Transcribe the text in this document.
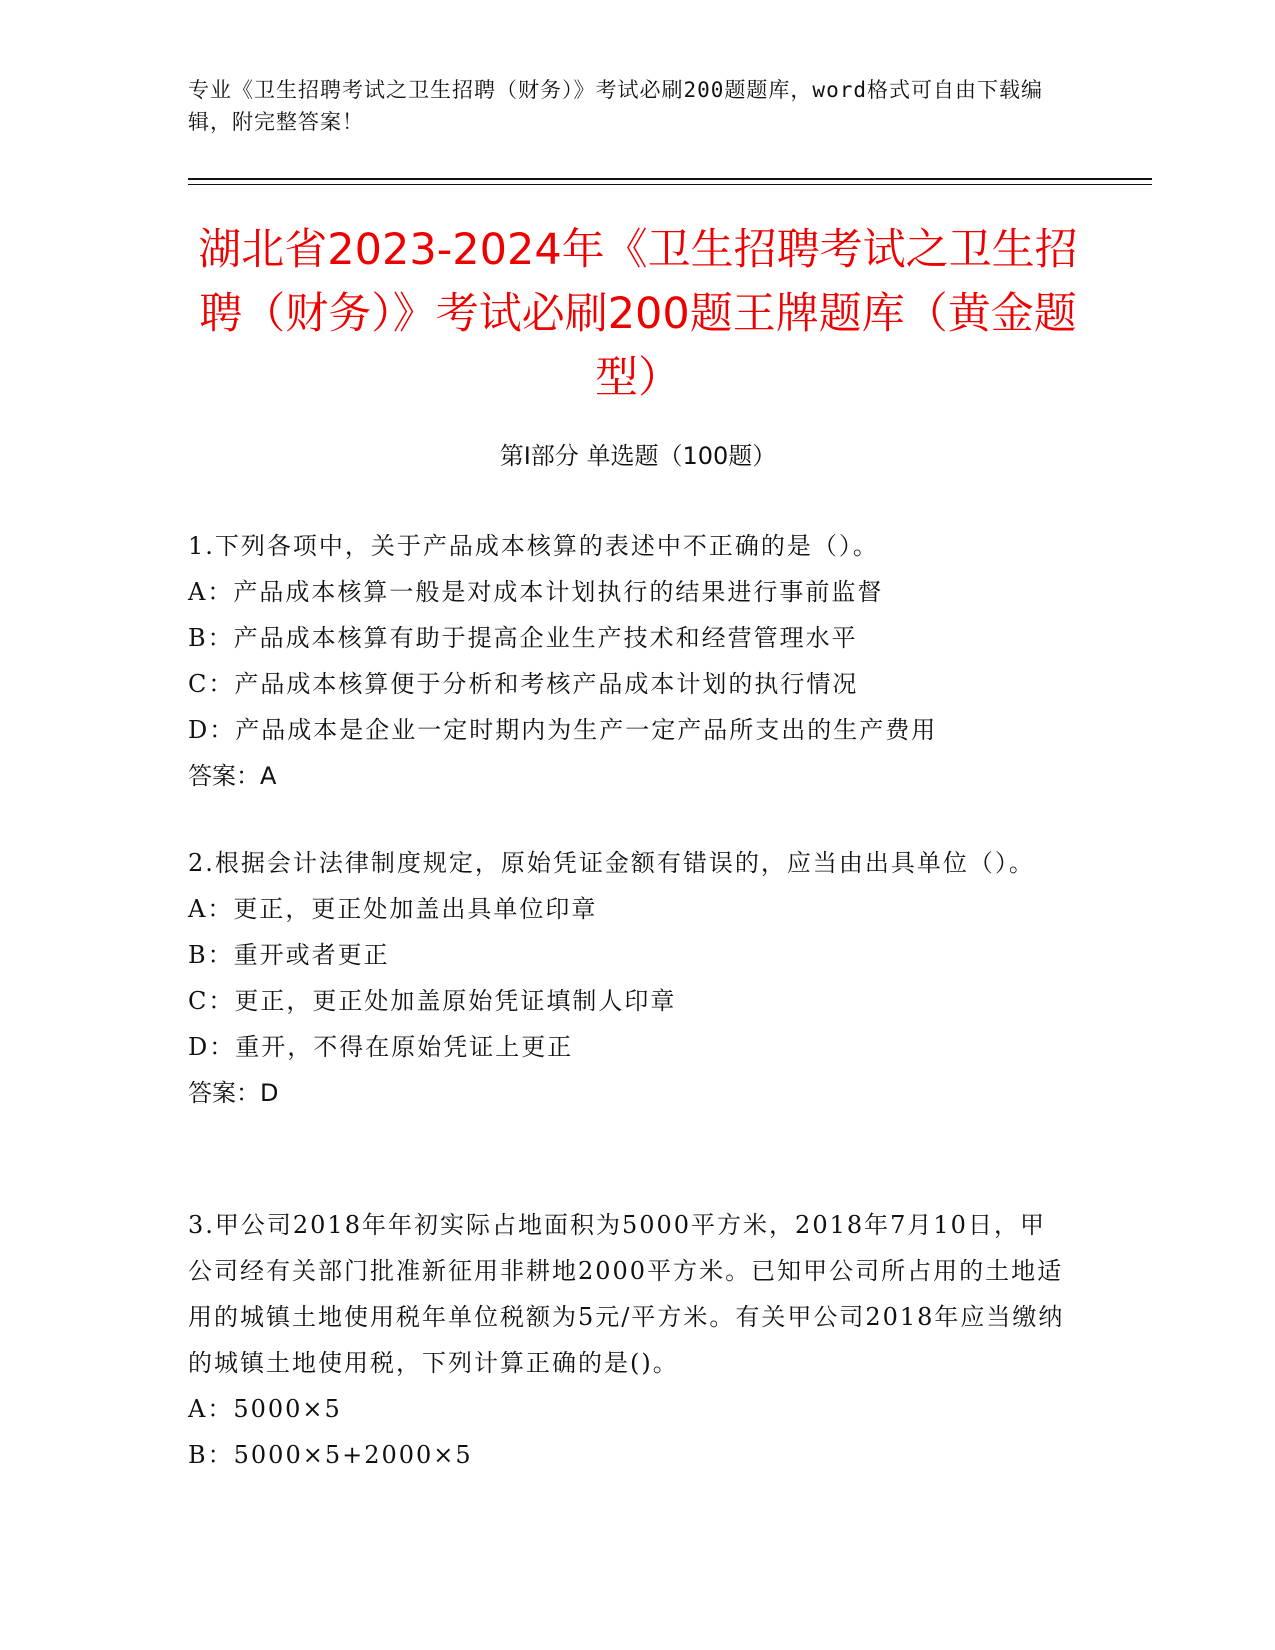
专业《卫生招聘考试之卫生招聘（财务）》考试必刷200题题库，word格式可自由下载编辑，附完整答案！
湖北省2023-2024年《卫生招聘考试之卫生招聘（财务）》考试必刷200题王牌题库（黄金题型）
第I部分 单选题（100题）

1.下列各项中，关于产品成本核算的表述中不正确的是（）。

A：产品成本核算一般是对成本计划执行的结果进行事前监督

B：产品成本核算有助于提高企业生产技术和经营管理水平

C：产品成本核算便于分析和考核产品成本计划的执行情况

D：产品成本是企业一定时期内为生产一定产品所支出的生产费用

答案：A

2.根据会计法律制度规定，原始凭证金额有错误的，应当由出具单位（）。

A：更正，更正处加盖出具单位印章

B：重开或者更正

C：更正，更正处加盖原始凭证填制人印章

D：重开，不得在原始凭证上更正

答案：D

3.甲公司2018年年初实际占地面积为5000平方米，2018年7月10日，甲公司经有关部门批准新征用非耕地2000平方米。已知甲公司所占用的土地适用的城镇土地使用税年单位税额为5元/平方米。有关甲公司2018年应当缴纳的城镇土地使用税，下列计算正确的是()。

A：5000×5

B：5000×5+2000×5
